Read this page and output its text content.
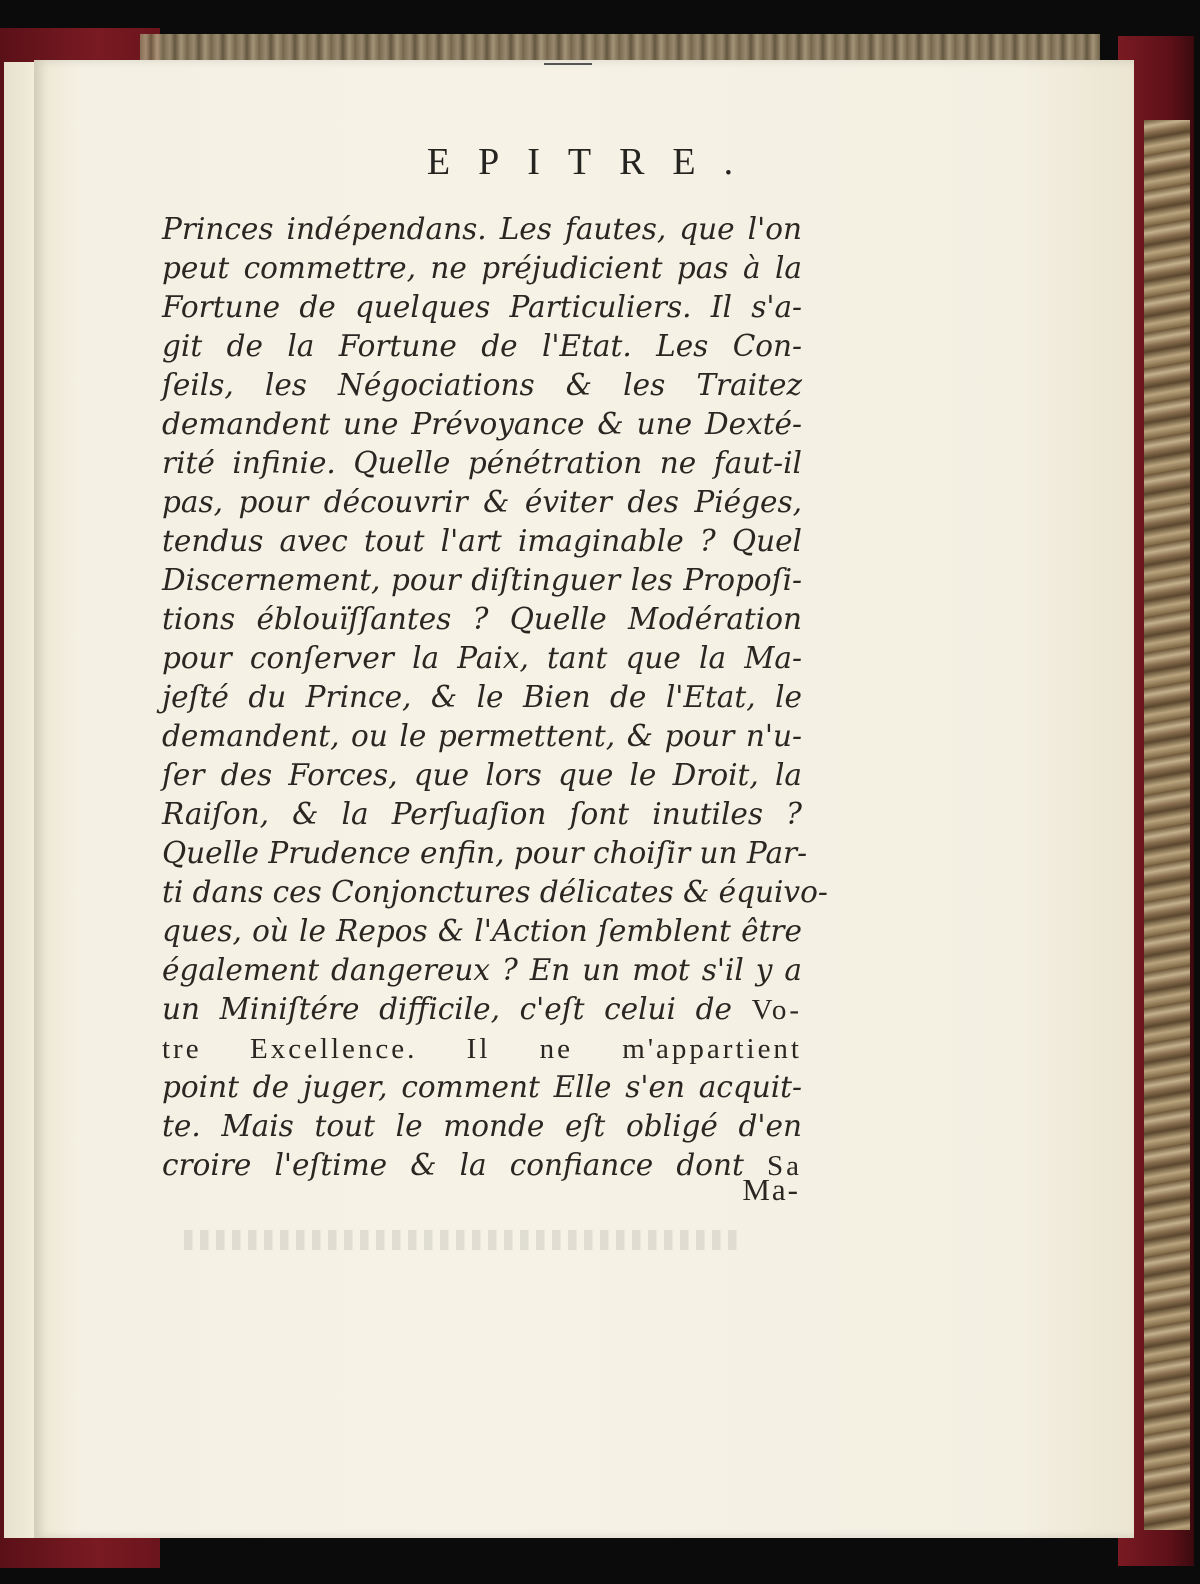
EPITRE.
Princes indépendans. Les fautes, que l'on
peut commettre, ne préjudicient pas à la
Fortune de quelques Particuliers. Il s'a-
git de la Fortune de l'Etat. Les Con-
ſeils, les Négociations & les Traitez
demandent une Prévoyance & une Dexté-
rité infinie. Quelle pénétration ne faut-il
pas, pour découvrir & éviter des Piéges,
tendus avec tout l'art imaginable ? Quel
Discernement, pour diſtinguer les Propoſi-
tions éblouïſſantes ? Quelle Modération
pour conſerver la Paix, tant que la Ma-
jeſté du Prince, & le Bien de l'Etat, le
demandent, ou le permettent, & pour n'u-
ſer des Forces, que lors que le Droit, la
Raiſon, & la Perſuaſion ſont inutiles ?
Quelle Prudence enfin, pour choiſir un Par-
ti dans ces Conjonctures délicates & équivo-
ques, où le Repos & l'Action ſemblent être
également dangereux ? En un mot s'il y a
un Miniſtére difficile, c'eſt celui de Vo-
tre Excellence. Il ne m'appartient
point de juger, comment Elle s'en acquit-
te. Mais tout le monde eſt obligé d'en
croire l'eſtime & la confiance dont Sa
Ma-
